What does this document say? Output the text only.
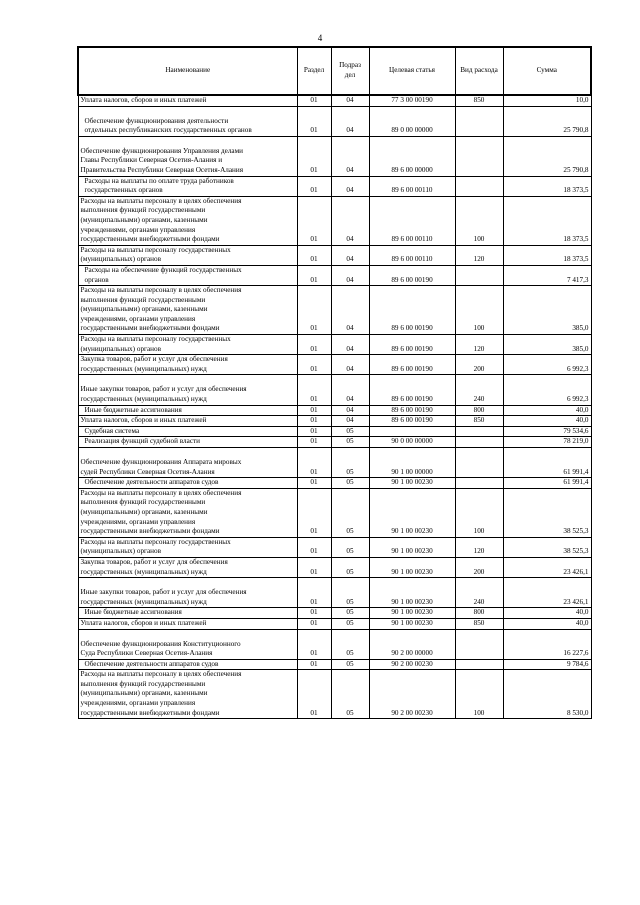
4
Наименование	Раздел	Подраз дел	Целевая статья	Вид расхода	Сумма
Уплата налогов, сборов и иных платежей	01	04	77 3 00 00190	850	10,0
Обеспечение функционирования деятельности
отдельных республиканских государственных органов	01	04	89 0 00 00000		25 790,8
Обеспечение функционирования Управления делами
Главы Республики Северная Осетия-Алания и
Правительства Республики Северная Осетия-Алания	01	04	89 6 00 00000		25 790,8
Расходы на выплаты по оплате труда работников
государственных органов	01	04	89 6 00 00110		18 373,5
Расходы на выплаты персоналу в целях обеспечения
выполнения функций государственными
(муниципальными) органами, казенными
учреждениями, органами управления
государственными внебюджетными фондами	01	04	89 6 00 00110	100	18 373,5
Расходы на выплаты персоналу государственных
(муниципальных) органов	01	04	89 6 00 00110	120	18 373,5
Расходы на обеспечение функций государственных
органов	01	04	89 6 00 00190		7 417,3
Расходы на выплаты персоналу в целях обеспечения
выполнения функций государственными
(муниципальными) органами, казенными
учреждениями, органами управления
государственными внебюджетными фондами	01	04	89 6 00 00190	100	385,0
Расходы на выплаты персоналу государственных
(муниципальных) органов	01	04	89 6 00 00190	120	385,0
Закупка товаров, работ и услуг для обеспечения
государственных (муниципальных) нужд	01	04	89 6 00 00190	200	6 992,3
Иные закупки товаров, работ и услуг для обеспечения
государственных (муниципальных) нужд	01	04	89 6 00 00190	240	6 992,3
Иные бюджетные ассигнования	01	04	89 6 00 00190	800	40,0
Уплата налогов, сборов и иных платежей	01	04	89 6 00 00190	850	40,0
Судебная система	01	05			79 534,6
Реализация функций судебной власти	01	05	90 0 00 00000		78 219,0
Обеспечение функционирования Аппарата мировых
судей Республики Северная Осетия-Алания	01	05	90 1 00 00000		61 991,4
Обеспечение деятельности аппаратов судов	01	05	90 1 00 00230		61 991,4
Расходы на выплаты персоналу в целях обеспечения
выполнения функций государственными
(муниципальными) органами, казенными
учреждениями, органами управления
государственными внебюджетными фондами	01	05	90 1 00 00230	100	38 525,3
Расходы на выплаты персоналу государственных
(муниципальных) органов	01	05	90 1 00 00230	120	38 525,3
Закупка товаров, работ и услуг для обеспечения
государственных (муниципальных) нужд	01	05	90 1 00 00230	200	23 426,1
Иные закупки товаров, работ и услуг для обеспечения
государственных (муниципальных) нужд	01	05	90 1 00 00230	240	23 426,1
Иные бюджетные ассигнования	01	05	90 1 00 00230	800	40,0
Уплата налогов, сборов и иных платежей	01	05	90 1 00 00230	850	40,0
Обеспечение функционирования Конституционного
Суда Республики Северная Осетия-Алания	01	05	90 2 00 00000		16 227,6
Обеспечение деятельности аппаратов судов	01	05	90 2 00 00230		9 784,6
Расходы на выплаты персоналу в целях обеспечения
выполнения функций государственными
(муниципальными) органами, казенными
учреждениями, органами управления
государственными внебюджетными фондами	01	05	90 2 00 00230	100	8 530,0
